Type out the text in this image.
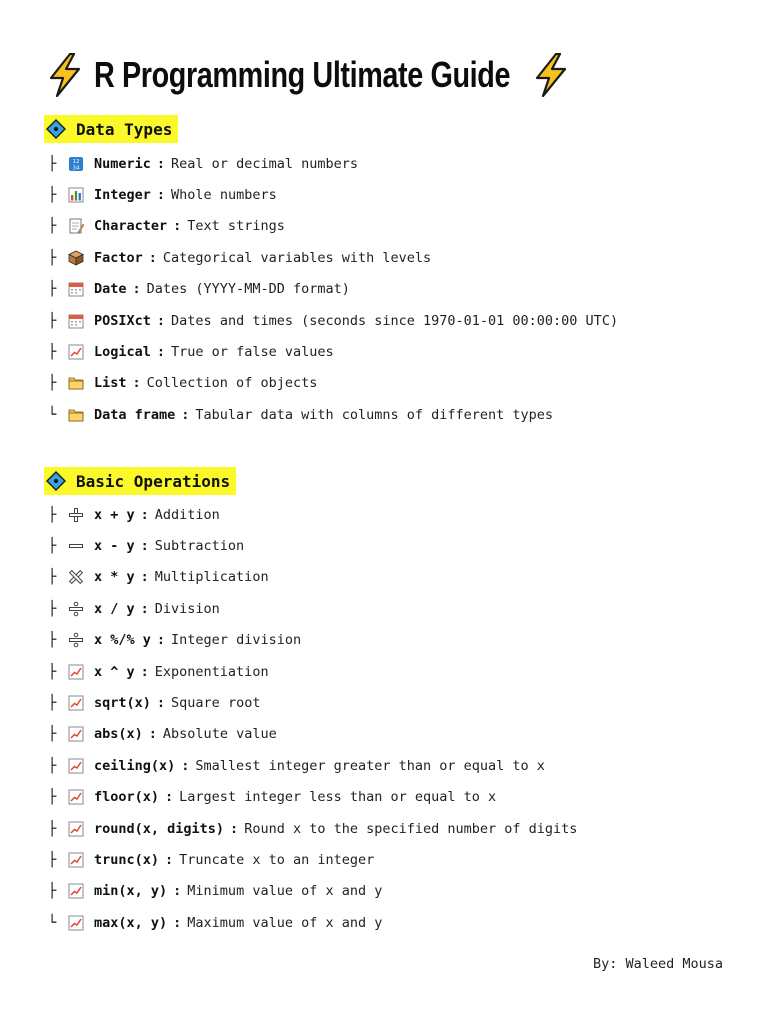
R Programming Ultimate Guide
Data Types
├	12
34 Numeric : Real or decimal numbers
├	Integer : Whole numbers
├	Character : Text strings
├	Factor : Categorical variables with levels
├	Date : Dates (YYYY-MM-DD format)
├	POSIXct : Dates and times (seconds since 1970-01-01 00:00:00 UTC)
├	Logical : True or false values
├	List : Collection of objects
└	Data frame : Tabular data with columns of different types
Basic Operations
├	x + y : Addition
├	x - y : Subtraction
├	x * y : Multiplication
├	x / y : Division
├	x %/% y : Integer division
├	x ^ y : Exponentiation
├	sqrt(x) : Square root
├	abs(x) : Absolute value
├	ceiling(x) : Smallest integer greater than or equal to x
├	floor(x) : Largest integer less than or equal to x
├	round(x, digits) : Round x to the specified number of digits
├	trunc(x) : Truncate x to an integer
├	min(x, y) : Minimum value of x and y
└	max(x, y) : Maximum value of x and y
By: Waleed Mousa
